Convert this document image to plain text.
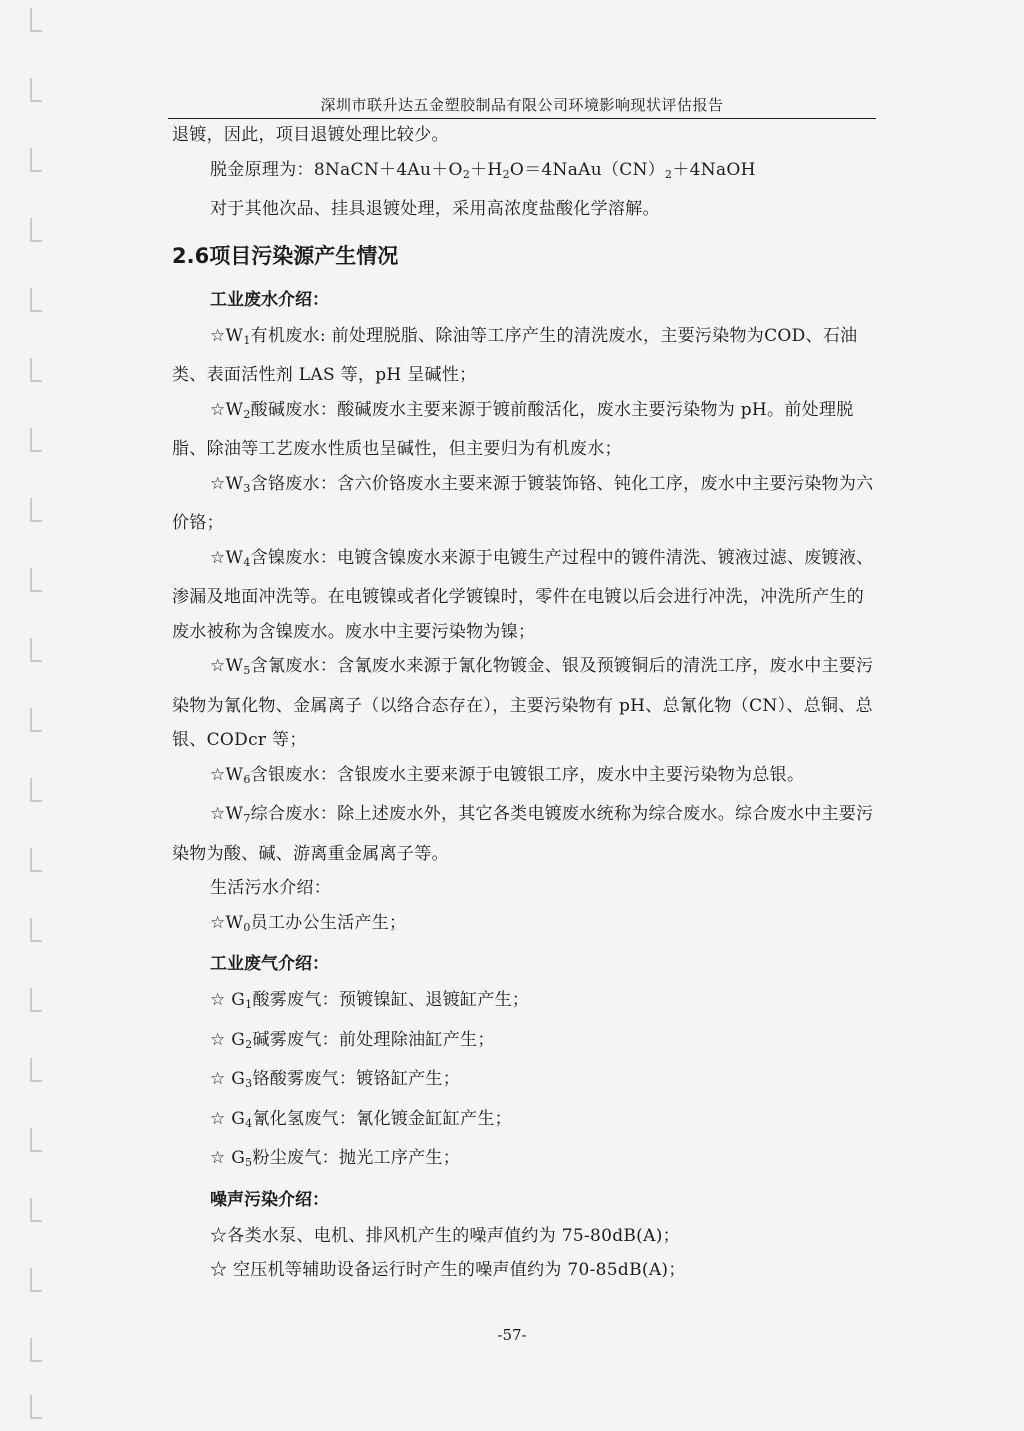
深圳市联升达五金塑胶制品有限公司环境影响现状评估报告

退镀，因此，项目退镀处理比较少。

脱金原理为：$8NaCN+4Au+O_2+H_2O=4NaAu(CN)_2+4NaOH$

对于其他次品、挂具退镀处理，采用高浓度盐酸化学溶解。

2.6项目污染源产生情况

工业废水介绍：

$☆W_1$有机废水: 前处理脱脂、除油等工序产生的清洗废水，主要污染物为COD、石油类、表面活性剂 LAS 等，pH 呈碱性；

$☆W_2$酸碱废水：酸碱废水主要来源于镀前酸活化，废水主要污染物为 pH。前处理脱脂、除油等工艺废水性质也呈碱性，但主要归为有机废水；

$☆W_3$含铬废水：含六价铬废水主要来源于镀装饰铬、钝化工序，废水中主要污染物为六价铬；

$☆W_4$含镍废水：电镀含镍废水来源于电镀生产过程中的镀件清洗、镀液过滤、废镀液、渗漏及地面冲洗等。在电镀镍或者化学镀镍时，零件在电镀以后会进行冲洗，冲洗所产生的废水被称为含镍废水。废水中主要污染物为镍；

$☆W_5$含氰废水：含氰废水来源于氰化物镀金、银及预镀铜后的清洗工序，废水中主要污染物为氰化物、金属离子（以络合态存在），主要污染物有 pH、总氰化物（CN）、总铜、总银、CODcr 等；

$☆W_6$含银废水：含银废水主要来源于电镀银工序，废水中主要污染物为总银。

$☆W_7$综合废水：除上述废水外，其它各类电镀废水统称为综合废水。综合废水中主要污染物为酸、碱、游离重金属离子等。

生活污水介绍：

$☆W_0$员工办公生活产生；

工业废气介绍：

☆ $G_1$酸雾废气：预镀镍缸、退镀缸产生；

☆ $G_2$碱雾废气：前处理除油缸产生；

☆ $G_3$铬酸雾废气：镀铬缸产生；

☆ $G_4$氰化氢废气：氰化镀金缸缸产生；

☆ $G_5$粉尘废气：抛光工序产生；

噪声污染介绍：

☆各类水泵、电机、排风机产生的噪声值约为 75-80dB(A)；

☆ 空压机等辅助设备运行时产生的噪声值约为 70-85dB(A)；

-57-
